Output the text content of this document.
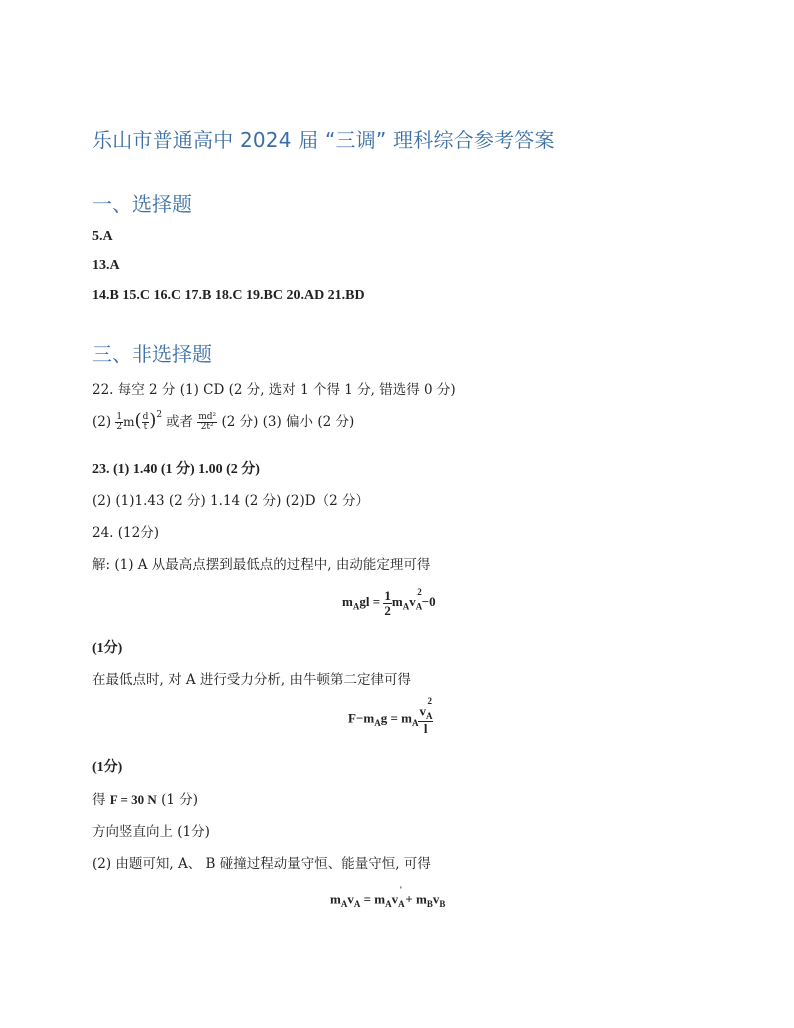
乐山市普通高中 2024 届 “三调” 理科综合参考答案
一、选择题
5.A
13.A
14.B 15.C 16.C 17.B 18.C 19.BC 20.AD 21.BD
三、非选择题
22. 每空 2 分 (1) CD (2 分, 选对 1 个得 1 分, 错选得 0 分)
$(2) \frac{1}{2} m( \frac{d}{t} )^2$ 或者 $\frac{\text{md²}}{\text{2t²}} (2$ 分) (3) 偏小 (2 分)
23. (1) 1.40 (1 分) 1.00 (2 分)
(2) (1)1.43 (2 分) 1.14 (2 分) (2)D（2 分）
24. (12分)
解: (1) A 从最高点摆到最低点的过程中, 由动能定理可得
$m_Agl = \frac{1}{2} m_Av_A^2-0$
(1分)
在最低点时, 对 A 进行受力分析, 由牛顿第二定律可得
$F-m_Ag = m_A \frac{v_A^2}{l}$
(1分)
得 F = 30 N (1 分)
方向竖直向上 (1分)
(2) 由题可知, A、 B 碰撞过程动量守恒、能量守恒, 可得
$m_Av_A = m_Av_A' + m_Bv_B$
